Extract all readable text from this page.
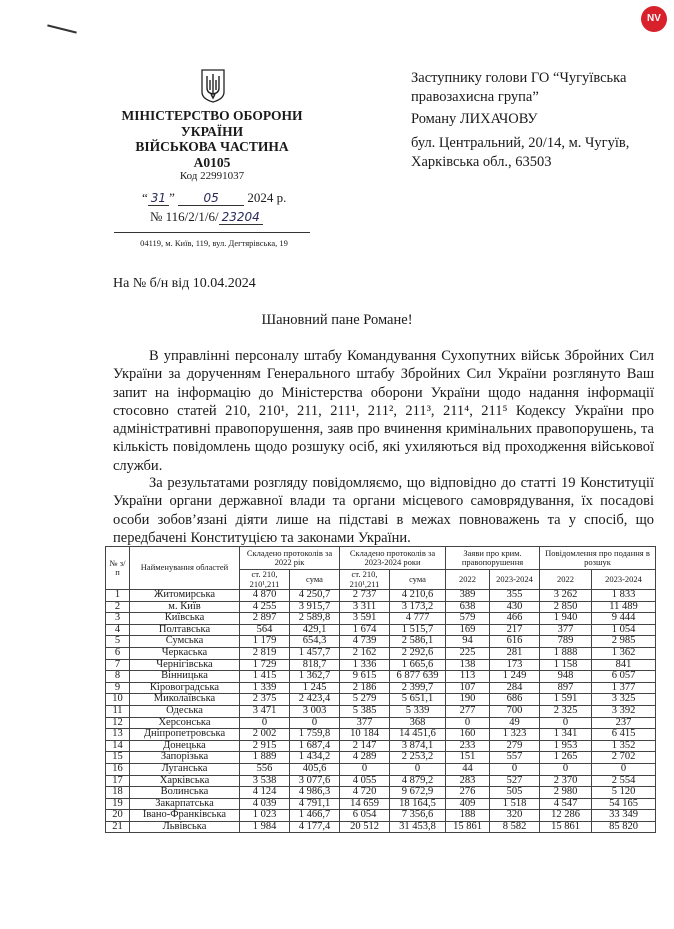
NV
МІНІСТЕРСТВО ОБОРОНИ
УКРАЇНИ
ВІЙСЬКОВА ЧАСТИНА
А0105
Код 22991037
“ 31 ” 05 2024 р.
№ 116/2/1/6/ 23204
04119, м. Київ, 119, вул. Дегтярівська, 19
Заступнику голови ГО “Чугуївська
правозахисна група”
Роману ЛИХАЧОВУ
бул. Центральний, 20/14, м. Чугуїв,
Харківська обл., 63503
На № б/н від 10.04.2024
Шановний пане Романе!
В управлінні персоналу штабу Командування Сухопутних військ Збройних Сил України за дорученням Генерального штабу Збройних Сил України розглянуто Ваш запит на інформацію до Міністерства оборони України щодо надання інформації стосовно статей 210, 210¹, 211, 211¹, 211², 211³, 211⁴, 211⁵ Кодексу України про адміністративні правопорушення, заяв про вчинення кримінальних правопорушень, та кількість повідомлень щодо розшуку осіб, які ухиляються від проходження військової служби.
За результатами розгляду повідомляємо, що відповідно до статті 19 Конституції України органи державної влади та органи місцевого самоврядування, їх посадові особи зобов’язані діяти лише на підставі в межах повноважень та у спосіб, що передбачені Конституцією та законами України.
№ з/п	Найменування областей	Складено протоколів за 2022 рік		Складено протоколів за 2023-2024 роки		Заяви про крим. правопорушення		Повідомлення про подання в розшук	
		ст. 210, 210¹,211	сума	ст. 210, 210¹,211	сума	2022	2023-2024	2022	2023-2024
1	Житомирська	4 870	4 250,7	2 737	4 210,6	389	355	3 262	1 833
2	м. Київ	4 255	3 915,7	3 311	3 173,2	638	430	2 850	11 489
3	Київська	2 897	2 589,8	3 591	4 777	579	466	1 940	9 444
4	Полтавська	564	429,1	1 674	1 515,7	169	217	377	1 054
5	Сумська	1 179	654,3	4 739	2 586,1	94	616	789	2 985
6	Черкаська	2 819	1 457,7	2 162	2 292,6	225	281	1 888	1 362
7	Чернігівська	1 729	818,7	1 336	1 665,6	138	173	1 158	841
8	Вінницька	1 415	1 362,7	9 615	6 877 639	113	1 249	948	6 057
9	Кіровоградська	1 339	1 245	2 186	2 399,7	107	284	897	1 377
10	Миколаївська	2 375	2 423,4	5 279	5 651,1	190	686	1 591	3 325
11	Одеська	3 471	3 003	5 385	5 339	277	700	2 325	3 392
12	Херсонська	0	0	377	368	0	49	0	237
13	Дніпропетровська	2 002	1 759,8	10 184	14 451,6	160	1 323	1 341	6 415
14	Донецька	2 915	1 687,4	2 147	3 874,1	233	279	1 953	1 352
15	Запорізька	1 889	1 434,2	4 289	2 253,2	151	557	1 265	2 702
16	Луганська	556	405,6	0	0	44	0	0	0
17	Харківська	3 538	3 077,6	4 055	4 879,2	283	527	2 370	2 554
18	Волинська	4 124	4 986,3	4 720	9 672,9	276	505	2 980	5 120
19	Закарпатська	4 039	4 791,1	14 659	18 164,5	409	1 518	4 547	54 165
20	Івано-Франківська	1 023	1 466,7	6 054	7 356,6	188	320	12 286	33 349
21	Львівська	1 984	4 177,4	20 512	31 453,8	15 861	8 582	15 861	85 820
